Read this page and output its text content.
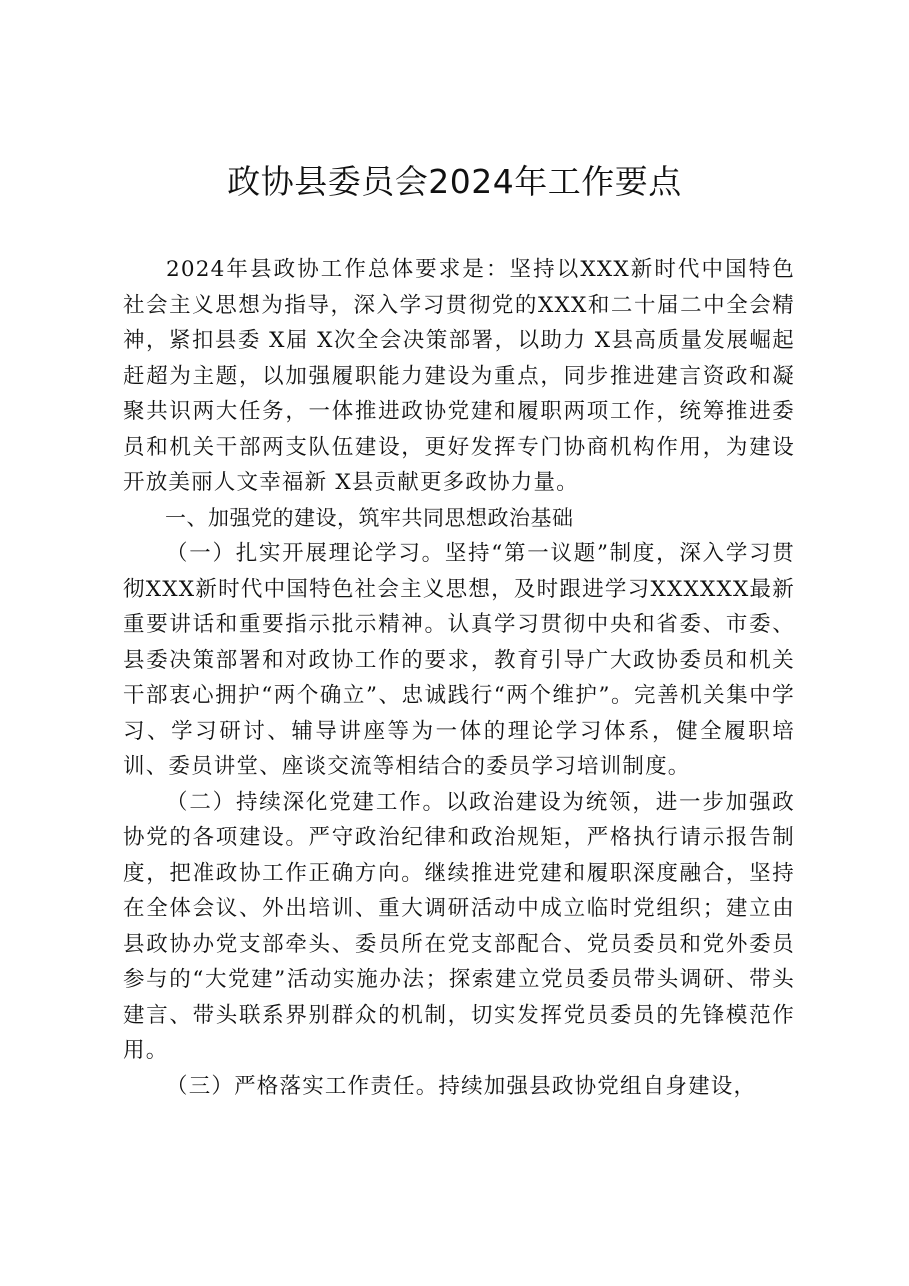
政协县委员会2024年工作要点

2024年县政协工作总体要求是：坚持以XXX新时代中国特色社会主义思想为指导，深入学习贯彻党的XXX和二十届二中全会精神，紧扣县委 X届 X次全会决策部署，以助力 X县高质量发展崛起赶超为主题，以加强履职能力建设为重点，同步推进建言资政和凝聚共识两大任务，一体推进政协党建和履职两项工作，统筹推进委员和机关干部两支队伍建设，更好发挥专门协商机构作用，为建设开放美丽人文幸福新 X县贡献更多政协力量。

一、加强党的建设，筑牢共同思想政治基础

（一）扎实开展理论学习。坚持“第一议题”制度，深入学习贯彻XXX新时代中国特色社会主义思想，及时跟进学习XXXXXX最新重要讲话和重要指示批示精神。认真学习贯彻中央和省委、市委、县委决策部署和对政协工作的要求，教育引导广大政协委员和机关干部衷心拥护“两个确立”、忠诚践行“两个维护”。完善机关集中学习、学习研讨、辅导讲座等为一体的理论学习体系，健全履职培训、委员讲堂、座谈交流等相结合的委员学习培训制度。

（二）持续深化党建工作。以政治建设为统领，进一步加强政协党的各项建设。严守政治纪律和政治规矩，严格执行请示报告制度，把准政协工作正确方向。继续推进党建和履职深度融合，坚持在全体会议、外出培训、重大调研活动中成立临时党组织；建立由县政协办党支部牵头、委员所在党支部配合、党员委员和党外委员参与的“大党建”活动实施办法；探索建立党员委员带头调研、带头建言、带头联系界别群众的机制，切实发挥党员委员的先锋模范作用。

（三）严格落实工作责任。持续加强县政协党组自身建设，
